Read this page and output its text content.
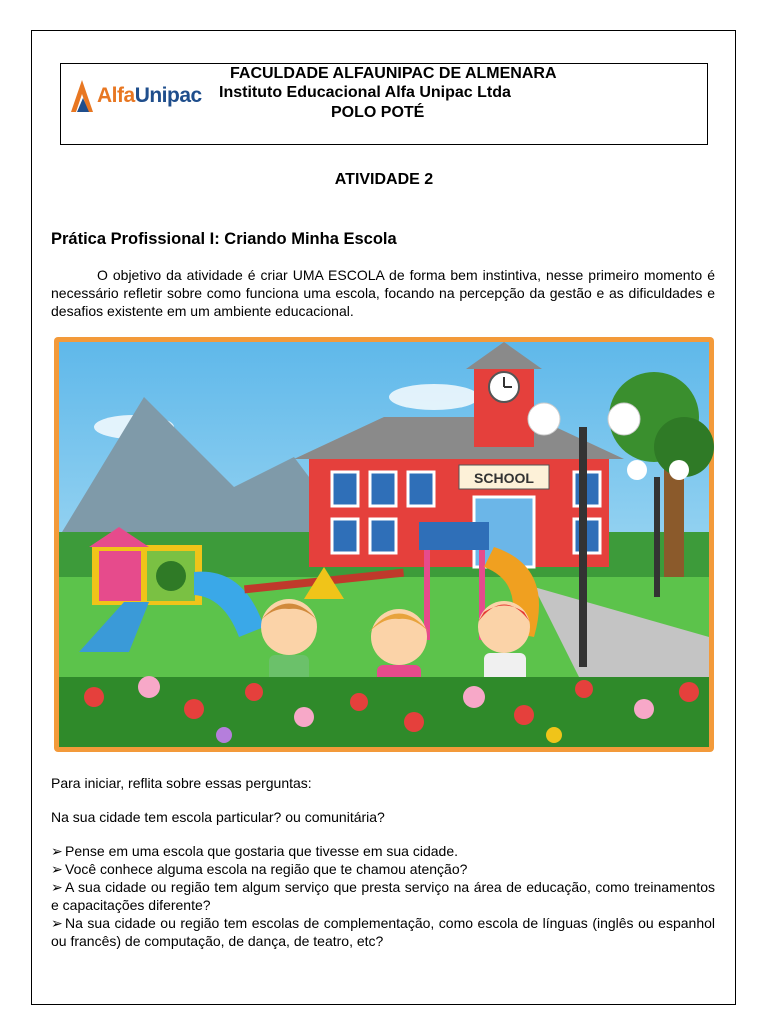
AlfaUnipac
FACULDADE ALFAUNIPAC DE ALMENARA
Instituto Educacional Alfa Unipac Ltda
POLO POTÉ
ATIVIDADE 2
Prática Profissional I: Criando Minha Escola

O objetivo da atividade é criar UMA ESCOLA de forma bem instintiva, nesse primeiro momento é necessário refletir sobre como funciona uma escola, focando na percepção da gestão e as dificuldades e desafios existente em um ambiente educacional.

SCHOOL

Para iniciar, reflita sobre essas perguntas:

Na sua cidade tem escola particular? ou comunitária?

➢ Pense em uma escola que gostaria que tivesse em sua cidade.
➢ Você conhece alguma escola na região que te chamou atenção?
➢ A sua cidade ou região tem algum serviço que presta serviço na área de educação, como treinamentos e capacitações diferente?
➢ Na sua cidade ou região tem escolas de complementação, como escola de línguas (inglês ou espanhol ou francês) de computação, de dança, de teatro, etc?
